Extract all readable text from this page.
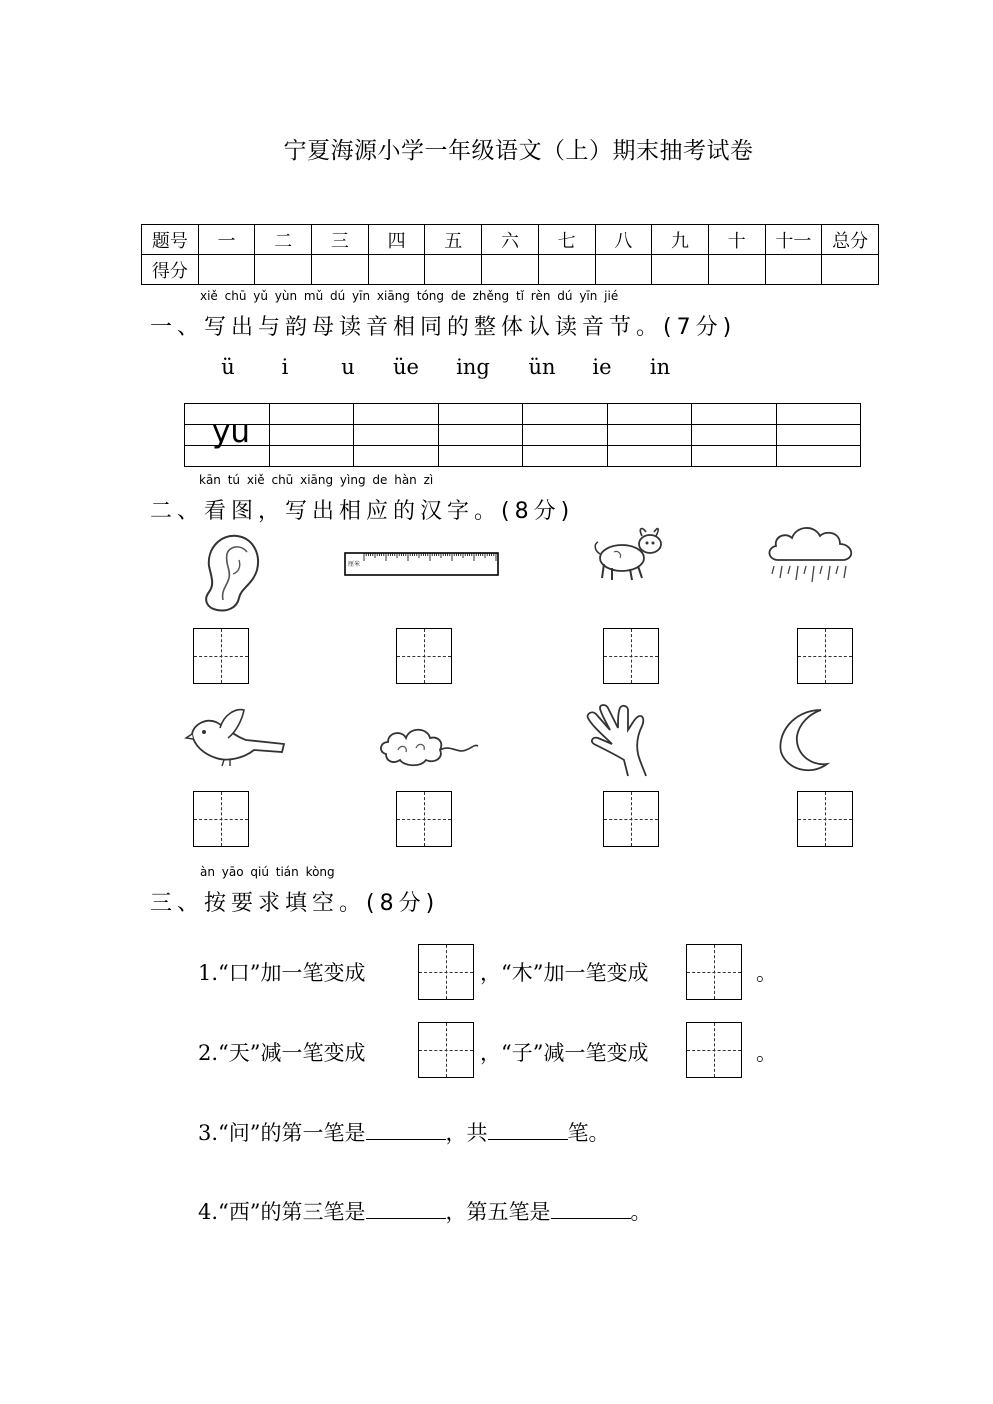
宁夏海源小学一年级语文（上）期末抽考试卷
题号	一	二	三	四	五	六	七	八	九	十	十一	总分
得分												
xiě chū yǔ yùn mǔ dú yīn xiāng tóng de zhěng tǐ rèn dú yīn jié
一、写出与韵母读音相同的整体认读音节。(7分)
ü	i	u	üe	ing	ün	ie	in

yu
kān tú xiě chū xiāng yìng de hàn zì
二、看图，写出相应的汉字。(8分)
厘米
àn yāo qiú tián kòng
三、按要求填空。(8分)
1.“口”加一笔变成	，“木”加一笔变成	。
2.“天”减一笔变成	，“子”减一笔变成	。
3.“问”的第一笔是	，共	笔。
4.“西”的第三笔是	，第五笔是	。
